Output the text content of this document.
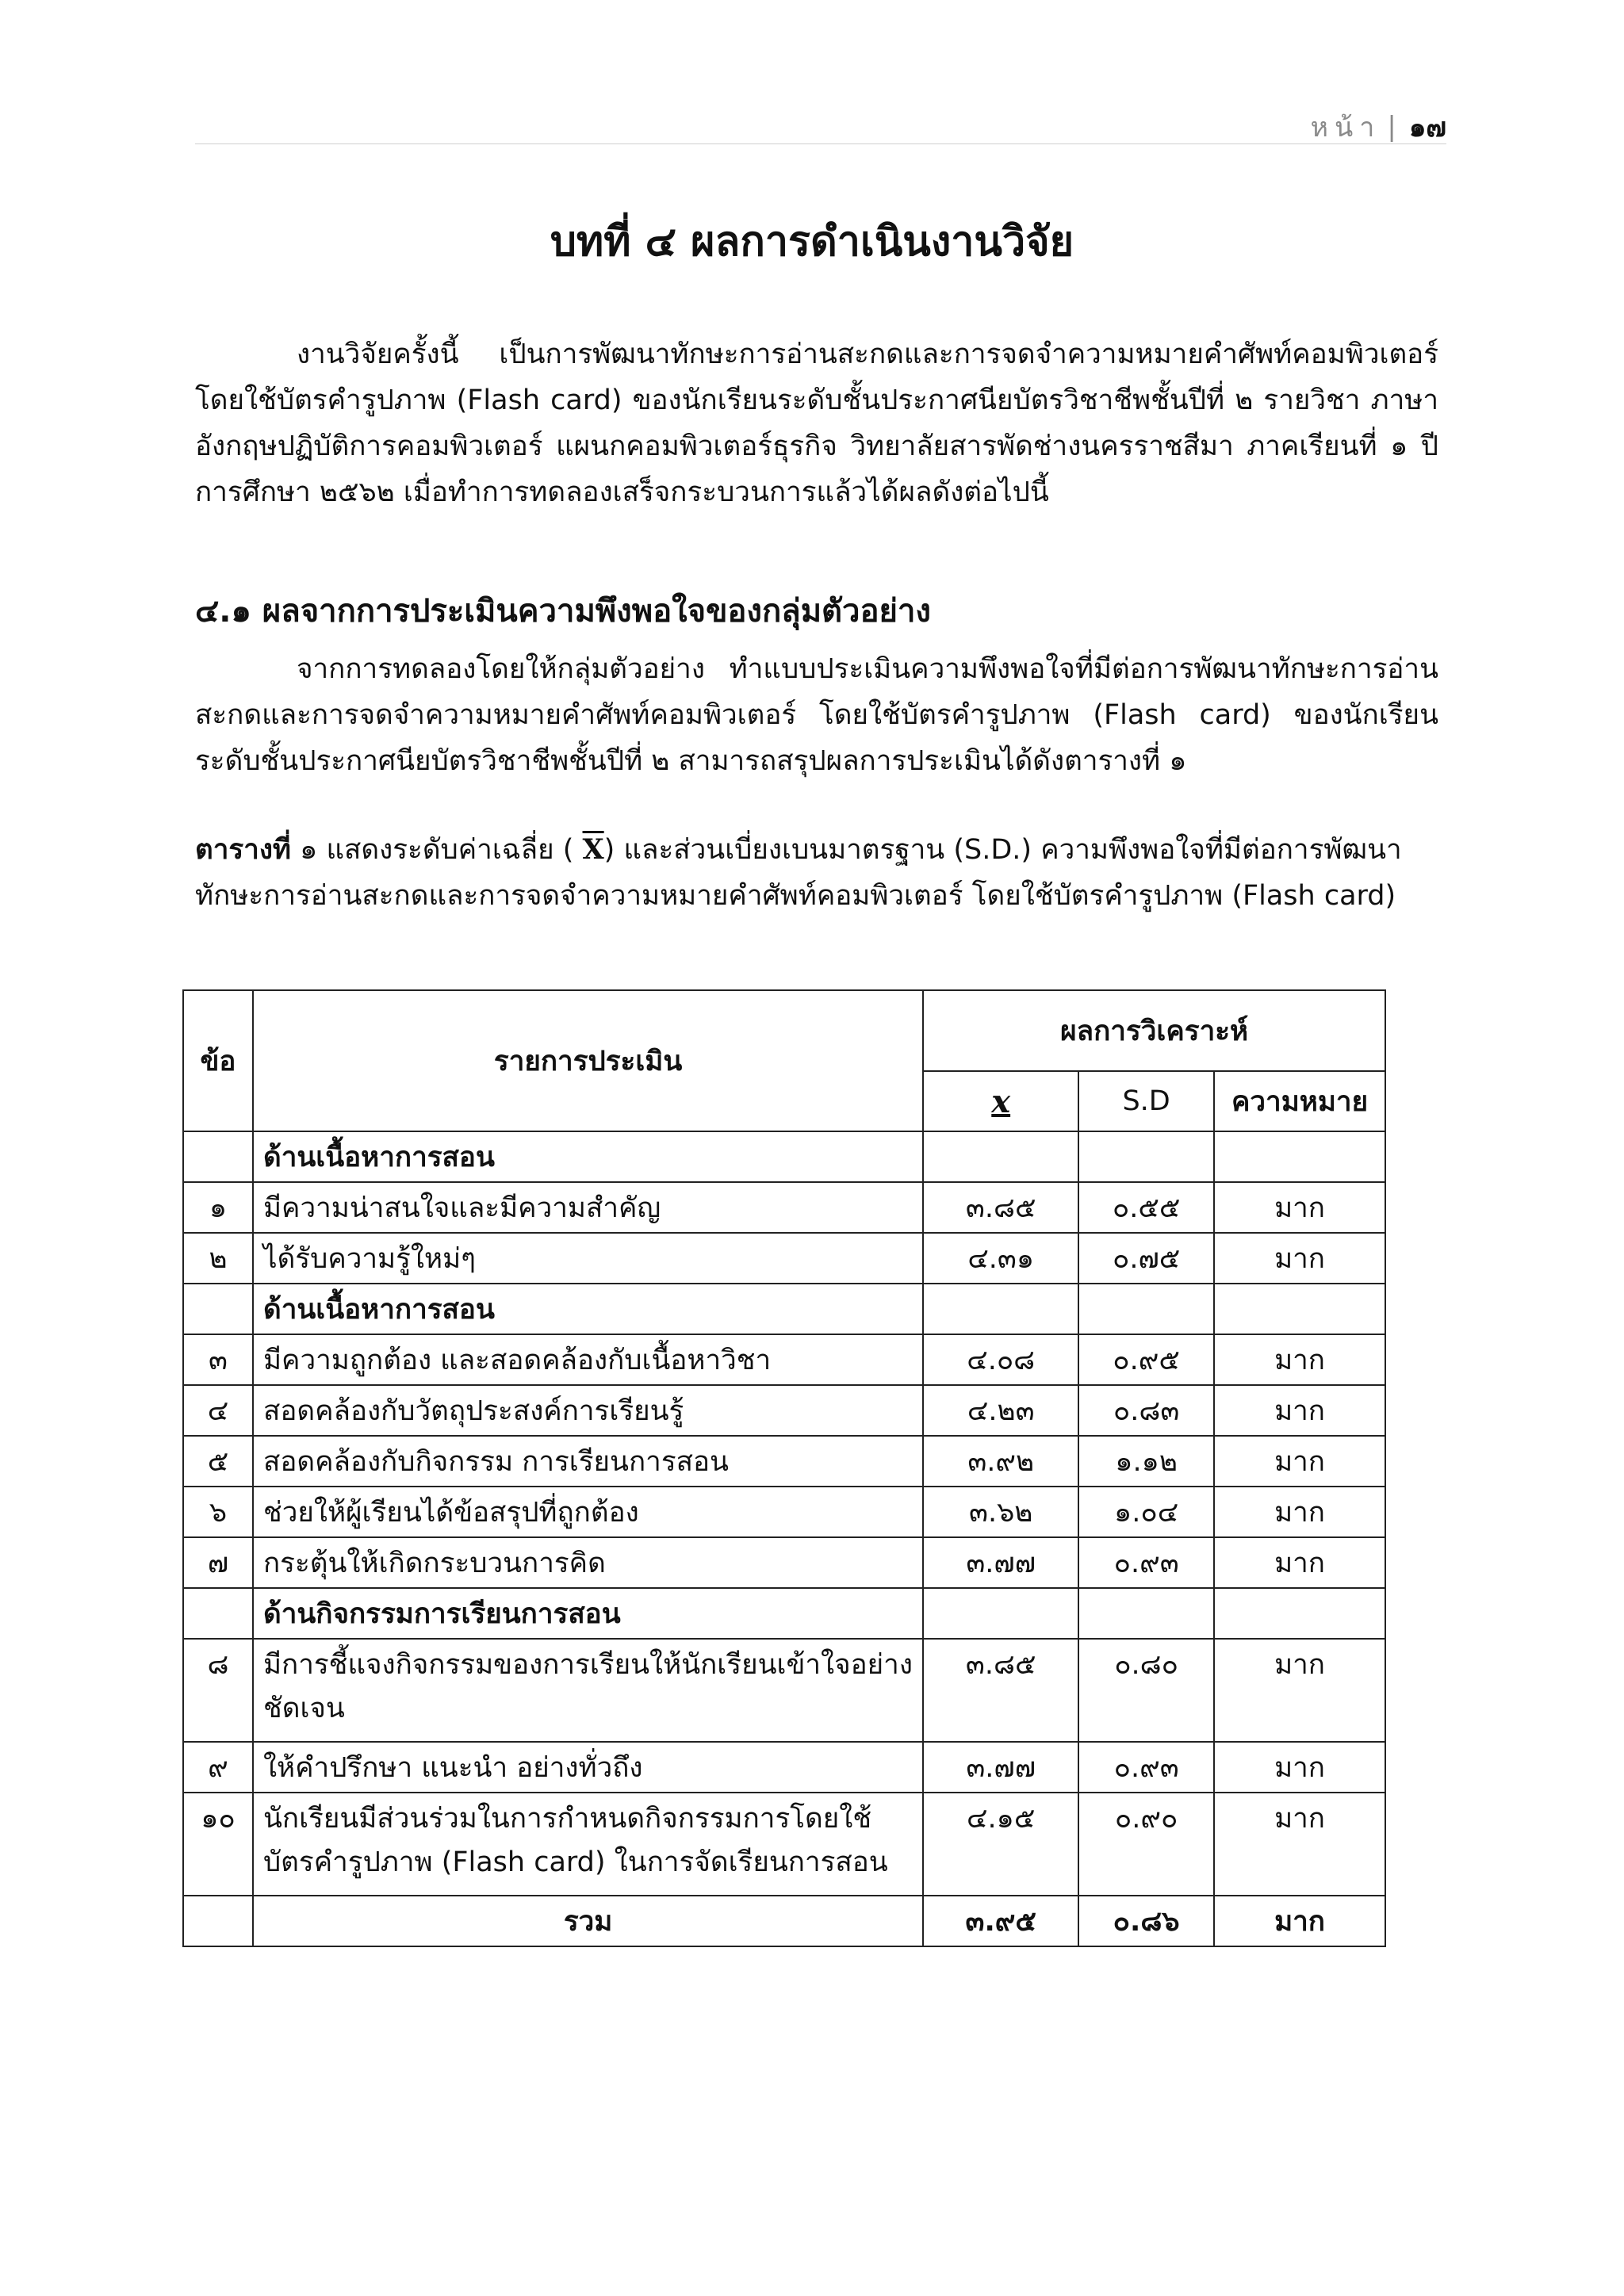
หน้า | ๑๗
บทที่ ๔ ผลการดำเนินงานวิจัย

งานวิจัยครั้งนี้ เป็นการพัฒนาทักษะการอ่านสะกดและการจดจำความหมายคำศัพท์คอมพิวเตอร์ โดยใช้บัตรคำรูปภาพ (Flash card) ของนักเรียนระดับชั้นประกาศนียบัตรวิชาชีพชั้นปีที่ ๒ รายวิชา ภาษาอังกฤษปฏิบัติการคอมพิวเตอร์ แผนกคอมพิวเตอร์ธุรกิจ วิทยาลัยสารพัดช่างนครราชสีมา ภาคเรียนที่ ๑ ปีการศึกษา ๒๕๖๒ เมื่อทำการทดลองเสร็จกระบวนการแล้วได้ผลดังต่อไปนี้

๔.๑ ผลจากการประเมินความพึงพอใจของกลุ่มตัวอย่าง

จากการทดลองโดยให้กลุ่มตัวอย่าง ทำแบบประเมินความพึงพอใจที่มีต่อการพัฒนาทักษะการอ่านสะกดและการจดจำความหมายคำศัพท์คอมพิวเตอร์ โดยใช้บัตรคำรูปภาพ (Flash card) ของนักเรียนระดับชั้นประกาศนียบัตรวิชาชีพชั้นปีที่ ๒ สามารถสรุปผลการประเมินได้ดังตารางที่ ๑

ตารางที่ ๑ แสดงระดับค่าเฉลี่ย ( $\overline{X}$) และส่วนเบี่ยงเบนมาตรฐาน (S.D.) ความพึงพอใจที่มีต่อการพัฒนาทักษะการอ่านสะกดและการจดจำความหมายคำศัพท์คอมพิวเตอร์ โดยใช้บัตรคำรูปภาพ (Flash card)

ข้อ	รายการประเมิน	ผลการวิเคราะห์		
		x	S.D	ความหมาย
	ด้านเนื้อหาการสอน			
๑	มีความน่าสนใจและมีความสำคัญ	๓.๘๕	๐.๕๕	มาก
๒	ได้รับความรู้ใหม่ๆ	๔.๓๑	๐.๗๕	มาก
	ด้านเนื้อหาการสอน			
๓	มีความถูกต้อง และสอดคล้องกับเนื้อหาวิชา	๔.๐๘	๐.๙๕	มาก
๔	สอดคล้องกับวัตถุประสงค์การเรียนรู้	๔.๒๓	๐.๘๓	มาก
๕	สอดคล้องกับกิจกรรม การเรียนการสอน	๓.๙๒	๑.๑๒	มาก
๖	ช่วยให้ผู้เรียนได้ข้อสรุปที่ถูกต้อง	๓.๖๒	๑.๐๔	มาก
๗	กระตุ้นให้เกิดกระบวนการคิด	๓.๗๗	๐.๙๓	มาก
	ด้านกิจกรรมการเรียนการสอน			
๘	มีการชี้แจงกิจกรรมของการเรียนให้นักเรียนเข้าใจอย่างชัดเจน	๓.๘๕	๐.๘๐	มาก
๙	ให้คำปรึกษา แนะนำ อย่างทั่วถึง	๓.๗๗	๐.๙๓	มาก
๑๐	นักเรียนมีส่วนร่วมในการกำหนดกิจกรรมการโดยใช้บัตรคำรูปภาพ (Flash card) ในการจัดเรียนการสอน	๔.๑๕	๐.๙๐	มาก
	รวม	๓.๙๕	๐.๘๖	มาก
